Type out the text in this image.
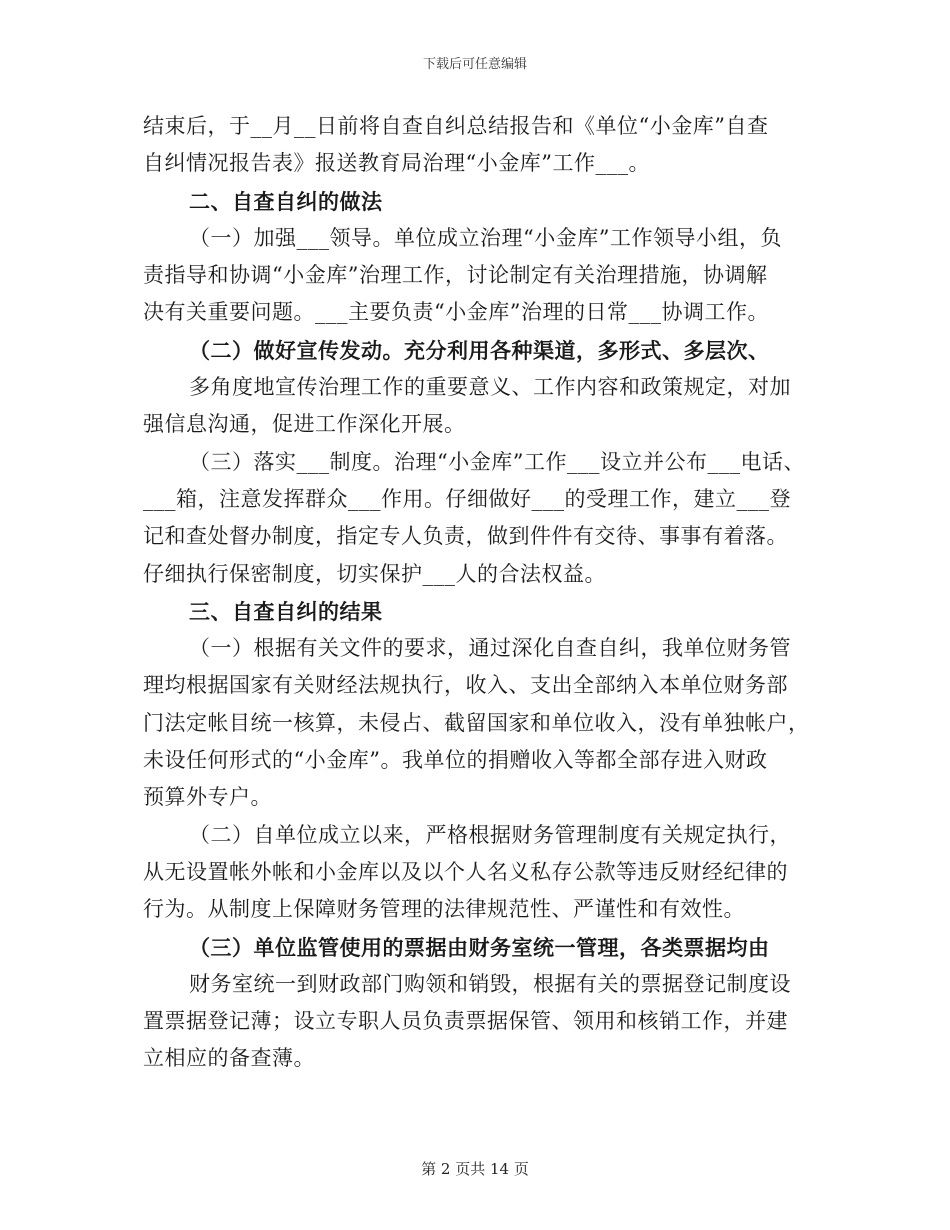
下载后可任意编辑
结束后，于__月__日前将自查自纠总结报告和《单位“小金库”自查
自纠情况报告表》报送教育局治理“小金库”工作___。
二、自查自纠的做法
（一）加强___领导。单位成立治理“小金库”工作领导小组，负
责指导和协调“小金库”治理工作，讨论制定有关治理措施，协调解
决有关重要问题。___主要负责“小金库”治理的日常___协调工作。
（二）做好宣传发动。充分利用各种渠道，多形式、多层次、
多角度地宣传治理工作的重要意义、工作内容和政策规定，对加
强信息沟通，促进工作深化开展。
（三）落实___制度。治理“小金库”工作___设立并公布___电话、
___箱，注意发挥群众___作用。仔细做好___的受理工作，建立___登
记和查处督办制度，指定专人负责，做到件件有交待、事事有着落。
仔细执行保密制度，切实保护___人的合法权益。
三、自查自纠的结果
（一）根据有关文件的要求，通过深化自查自纠，我单位财务管
理均根据国家有关财经法规执行，收入、支出全部纳入本单位财务部
门法定帐目统一核算，未侵占、截留国家和单位收入，没有单独帐户，
未设任何形式的“小金库”。我单位的捐赠收入等都全部存进入财政
预算外专户。
（二）自单位成立以来，严格根据财务管理制度有关规定执行，
从无设置帐外帐和小金库以及以个人名义私存公款等违反财经纪律的
行为。从制度上保障财务管理的法律规范性、严谨性和有效性。
（三）单位监管使用的票据由财务室统一管理，各类票据均由
财务室统一到财政部门购领和销毁，根据有关的票据登记制度设
置票据登记薄；设立专职人员负责票据保管、领用和核销工作，并建
立相应的备查薄。
第 2 页共 14 页
